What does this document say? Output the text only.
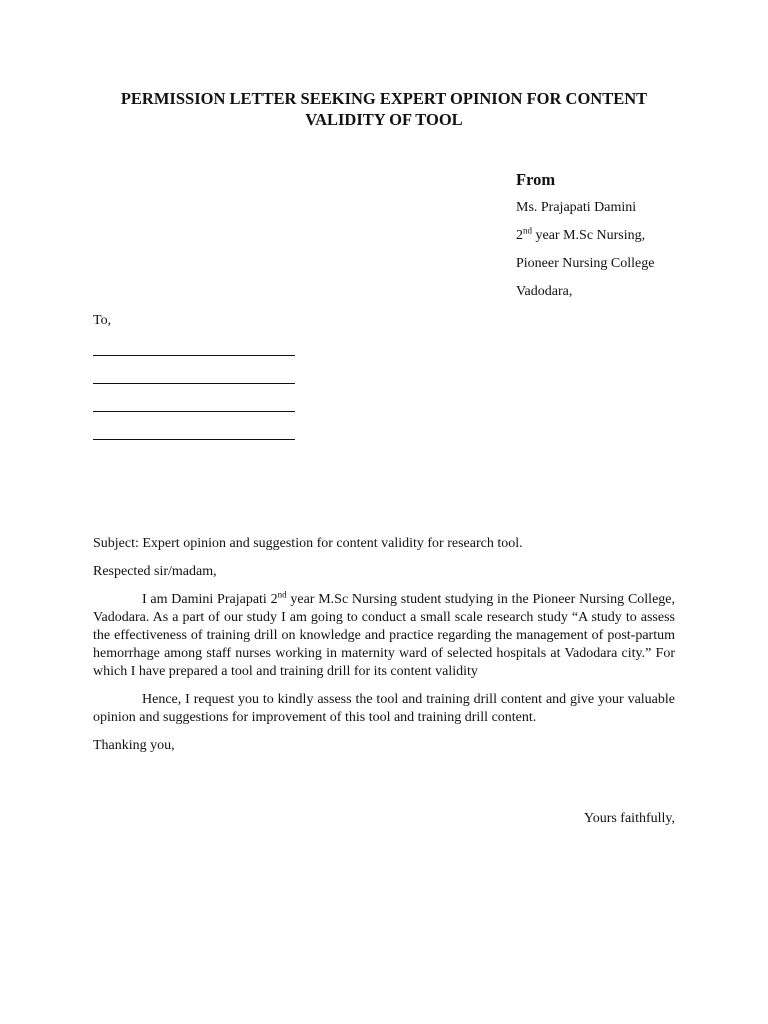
PERMISSION LETTER SEEKING EXPERT OPINION FOR CONTENT
VALIDITY OF TOOL

From

Ms. Prajapati Damini

2nd year M.Sc Nursing,

Pioneer Nursing College

Vadodara,

To,

Subject: Expert opinion and suggestion for content validity for research tool.

Respected sir/madam,

I am Damini Prajapati 2nd year M.Sc Nursing student studying in the Pioneer Nursing College, Vadodara. As a part of our study I am going to conduct a small scale research study “A study to assess the effectiveness of training drill on knowledge and practice regarding the management of post-partum hemorrhage among staff nurses working in maternity ward of selected hospitals at Vadodara city.” For which I have prepared a tool and training drill for its content validity

Hence, I request you to kindly assess the tool and training drill content and give your valuable opinion and suggestions for improvement of this tool and training drill content.

Thanking you,

Yours faithfully,
